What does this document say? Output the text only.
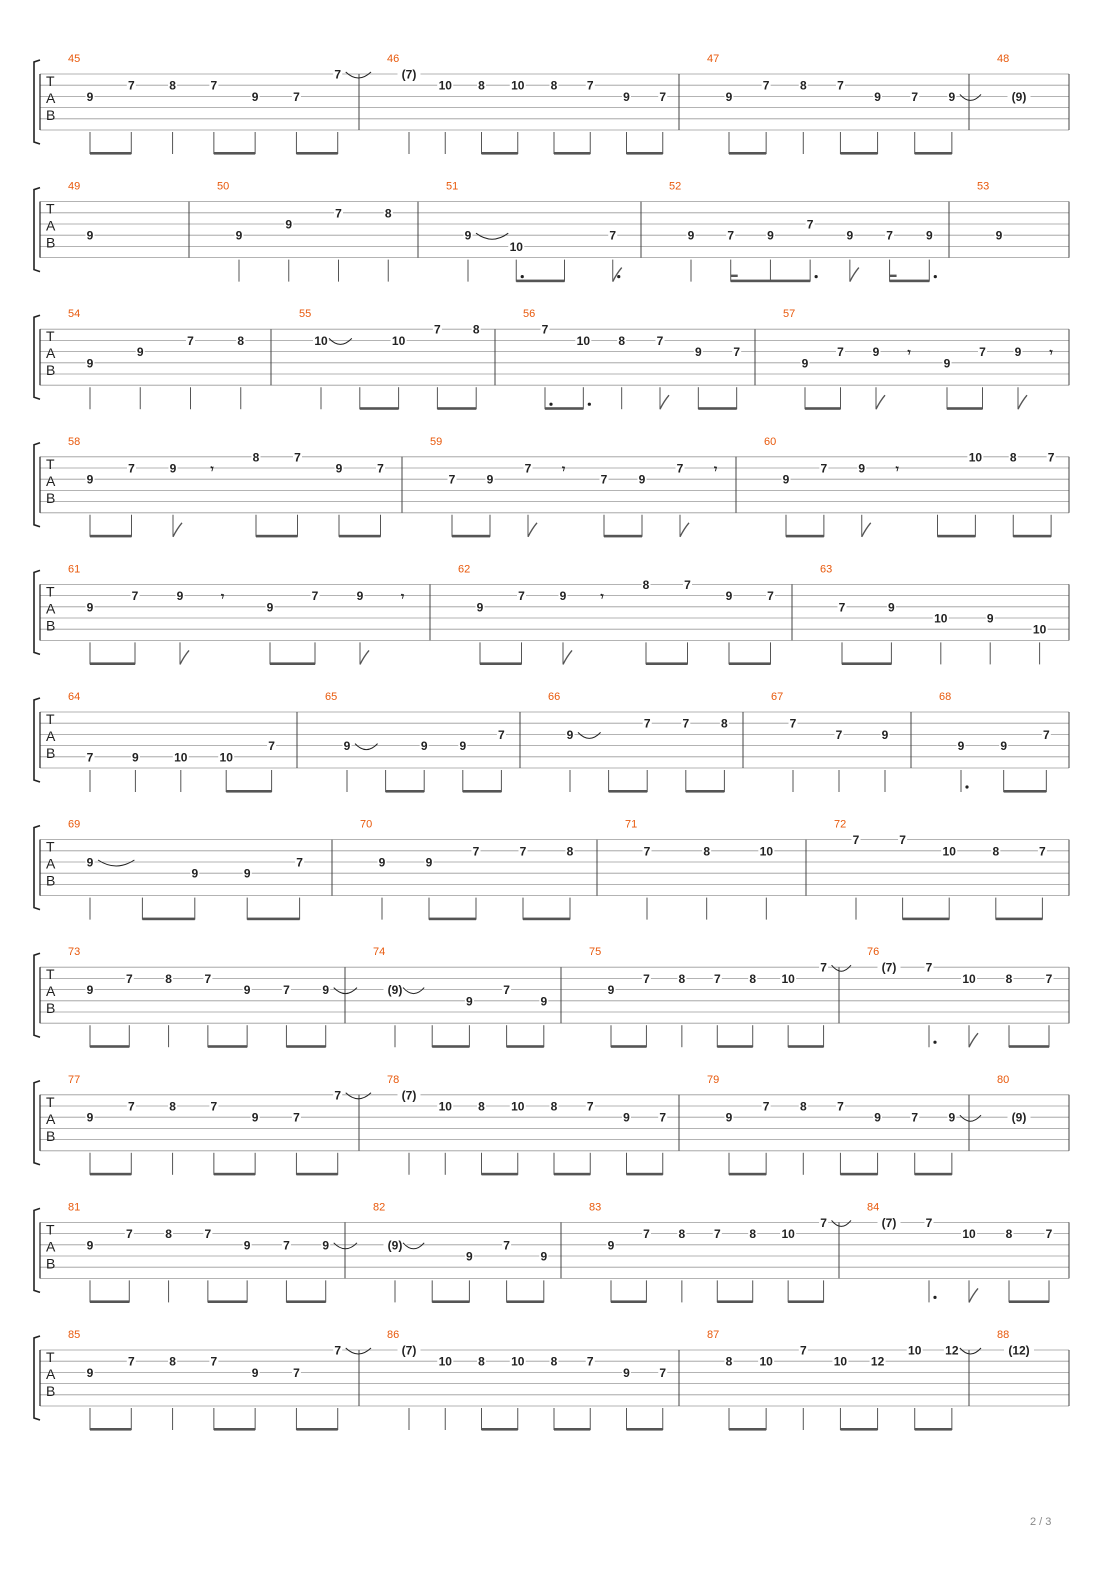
T
A
B
45
9
7	8	7
9	7
7
46
(7)
10 8 10 8 7
9 7
47
9
7	8	7
9	7	9
48
(9)
T
A
B
49
9
50
9
9
7	8
51
9
10
7
52
9	7	9
7
9	7	9
53
9
T
A
B
54
9
9
7	8
55
10	10
7	8
56
7
10 8	7
9	7
57
9
7 9 𝄾
9
7 9 𝄾
T
A
B
58
9
7	9	𝄾
8	7
9	7
59
7	9
7	𝄾
7	9
7	𝄾
60
9
7	9	𝄾
10 8	7
T
A
B
61
9
7	9	𝄾
9
7	9	𝄾
62
9
7	9	𝄾
8	7
9	7
63
7	9
10	9
10
T
A
B
64
7	9	10	10
7
65
9	9	9
7
66
9
7	7	8
67
7
7	9
68
9	9
7
T
A
B
69
9
9	9
7
70
9	9
7	7	8
71
7	8	10
72
7	7
10	8	7
T
A
B
73
9
7	8	7
9	7	9
74
(9)
9
7
9
75
9
7 8 7 8 10
7
76
(7) 7
10 8	7
T
A
B
77
9
7	8	7
9	7
7
78
(7)
10 8 10 8 7
9 7
79
9
7	8	7
9	7	9
80
(9)
T
A
B
81
9
7	8	7
9	7	9
82
(9)
9
7
9
83
9
7 8 7 8 10
7
84
(7) 7
10 8	7
T
A
B
85
9
7	8	7
9	7
7
86
(7)
10 8 10 8 7
9 7
87
8 10
7
10 12
10 12
88
(12)
2 / 3
